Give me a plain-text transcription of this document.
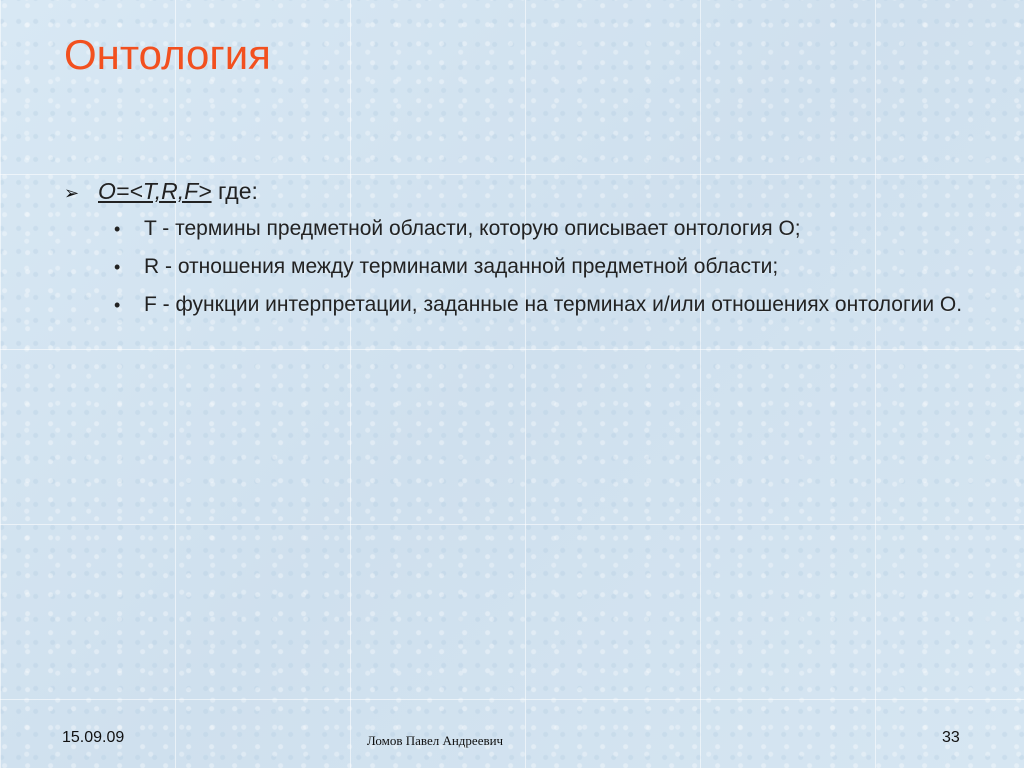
Онтология
➢ O=<T,R,F> где:
•	T - термины предметной области, которую описывает онтология O;
•	R - отношения между терминами заданной предметной области;
•	F - функции интерпретации, заданные на терминах и/или отношениях онтологии O.
15.09.09	Ломов Павел Андреевич	33
